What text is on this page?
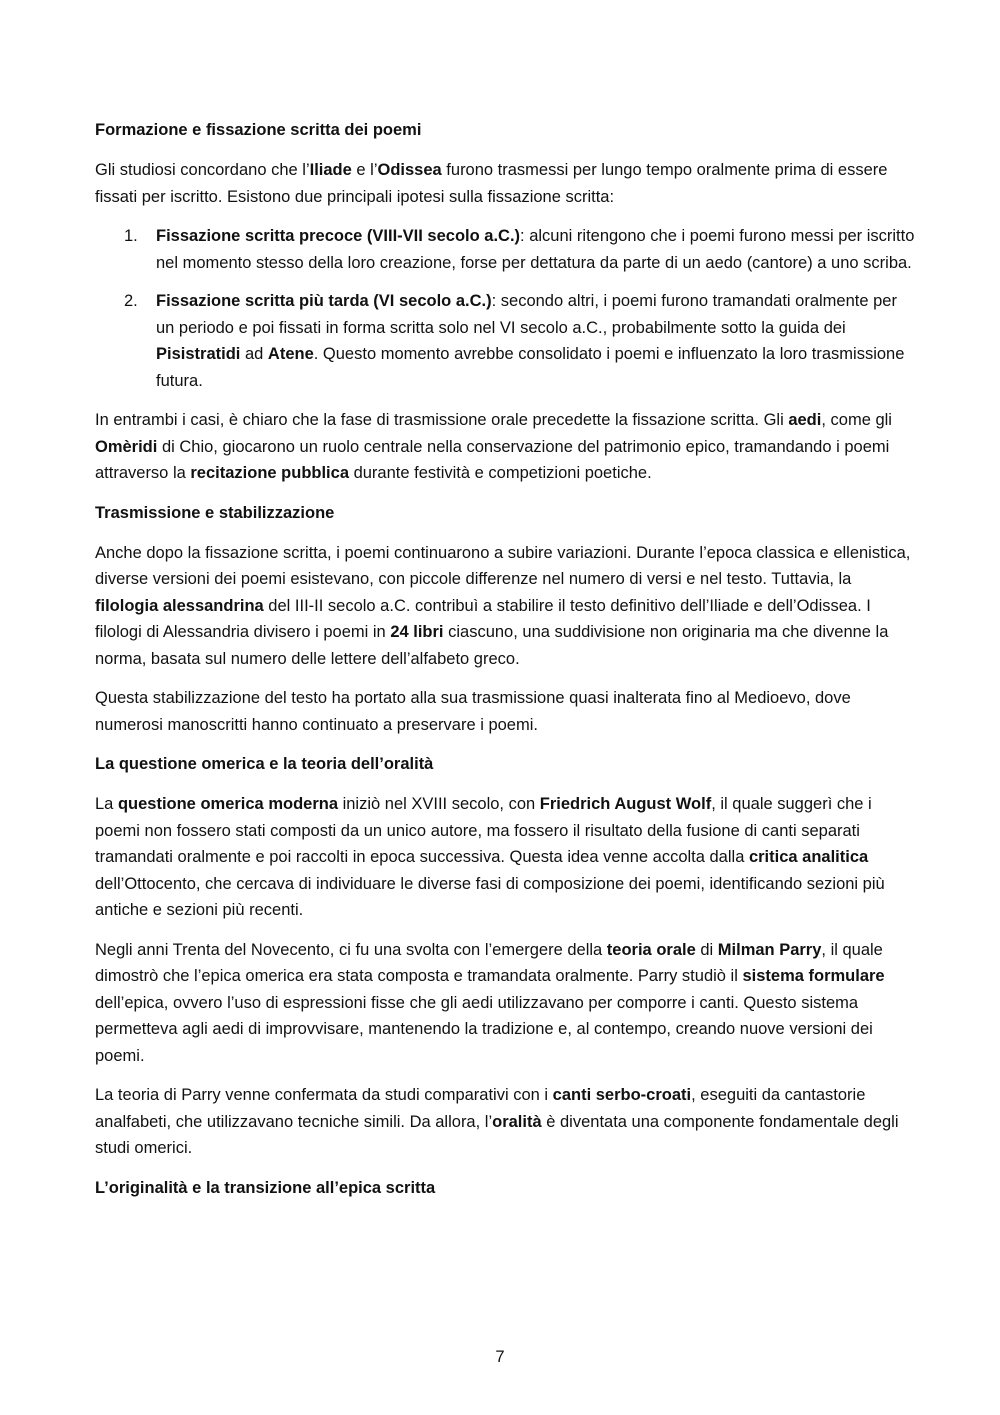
Formazione e fissazione scritta dei poemi

Gli studiosi concordano che l’Iliade e l’Odissea furono trasmessi per lungo tempo oralmente prima di essere fissati per iscritto. Esistono due principali ipotesi sulla fissazione scritta:

1. Fissazione scritta precoce (VIII-VII secolo a.C.): alcuni ritengono che i poemi furono messi per iscritto nel momento stesso della loro creazione, forse per dettatura da parte di un aedo (cantore) a uno scriba.
2. Fissazione scritta più tarda (VI secolo a.C.): secondo altri, i poemi furono tramandati oralmente per un periodo e poi fissati in forma scritta solo nel VI secolo a.C., probabilmente sotto la guida dei Pisistratidi ad Atene. Questo momento avrebbe consolidato i poemi e influenzato la loro trasmissione futura.

In entrambi i casi, è chiaro che la fase di trasmissione orale precedette la fissazione scritta. Gli aedi, come gli Omèridi di Chio, giocarono un ruolo centrale nella conservazione del patrimonio epico, tramandando i poemi attraverso la recitazione pubblica durante festività e competizioni poetiche.

Trasmissione e stabilizzazione

Anche dopo la fissazione scritta, i poemi continuarono a subire variazioni. Durante l’epoca classica e ellenistica, diverse versioni dei poemi esistevano, con piccole differenze nel numero di versi e nel testo. Tuttavia, la filologia alessandrina del III-II secolo a.C. contribuì a stabilire il testo definitivo dell’Iliade e dell’Odissea. I filologi di Alessandria divisero i poemi in 24 libri ciascuno, una suddivisione non originaria ma che divenne la norma, basata sul numero delle lettere dell’alfabeto greco.

Questa stabilizzazione del testo ha portato alla sua trasmissione quasi inalterata fino al Medioevo, dove numerosi manoscritti hanno continuato a preservare i poemi.

La questione omerica e la teoria dell’oralità

La questione omerica moderna iniziò nel XVIII secolo, con Friedrich August Wolf, il quale suggerì che i poemi non fossero stati composti da un unico autore, ma fossero il risultato della fusione di canti separati tramandati oralmente e poi raccolti in epoca successiva. Questa idea venne accolta dalla critica analitica dell’Ottocento, che cercava di individuare le diverse fasi di composizione dei poemi, identificando sezioni più antiche e sezioni più recenti.

Negli anni Trenta del Novecento, ci fu una svolta con l’emergere della teoria orale di Milman Parry, il quale dimostrò che l’epica omerica era stata composta e tramandata oralmente. Parry studiò il sistema formulare dell’epica, ovvero l’uso di espressioni fisse che gli aedi utilizzavano per comporre i canti. Questo sistema permetteva agli aedi di improvvisare, mantenendo la tradizione e, al contempo, creando nuove versioni dei poemi.

La teoria di Parry venne confermata da studi comparativi con i canti serbo-croati, eseguiti da cantastorie analfabeti, che utilizzavano tecniche simili. Da allora, l’oralità è diventata una componente fondamentale degli studi omerici.

L’originalità e la transizione all’epica scritta
7
